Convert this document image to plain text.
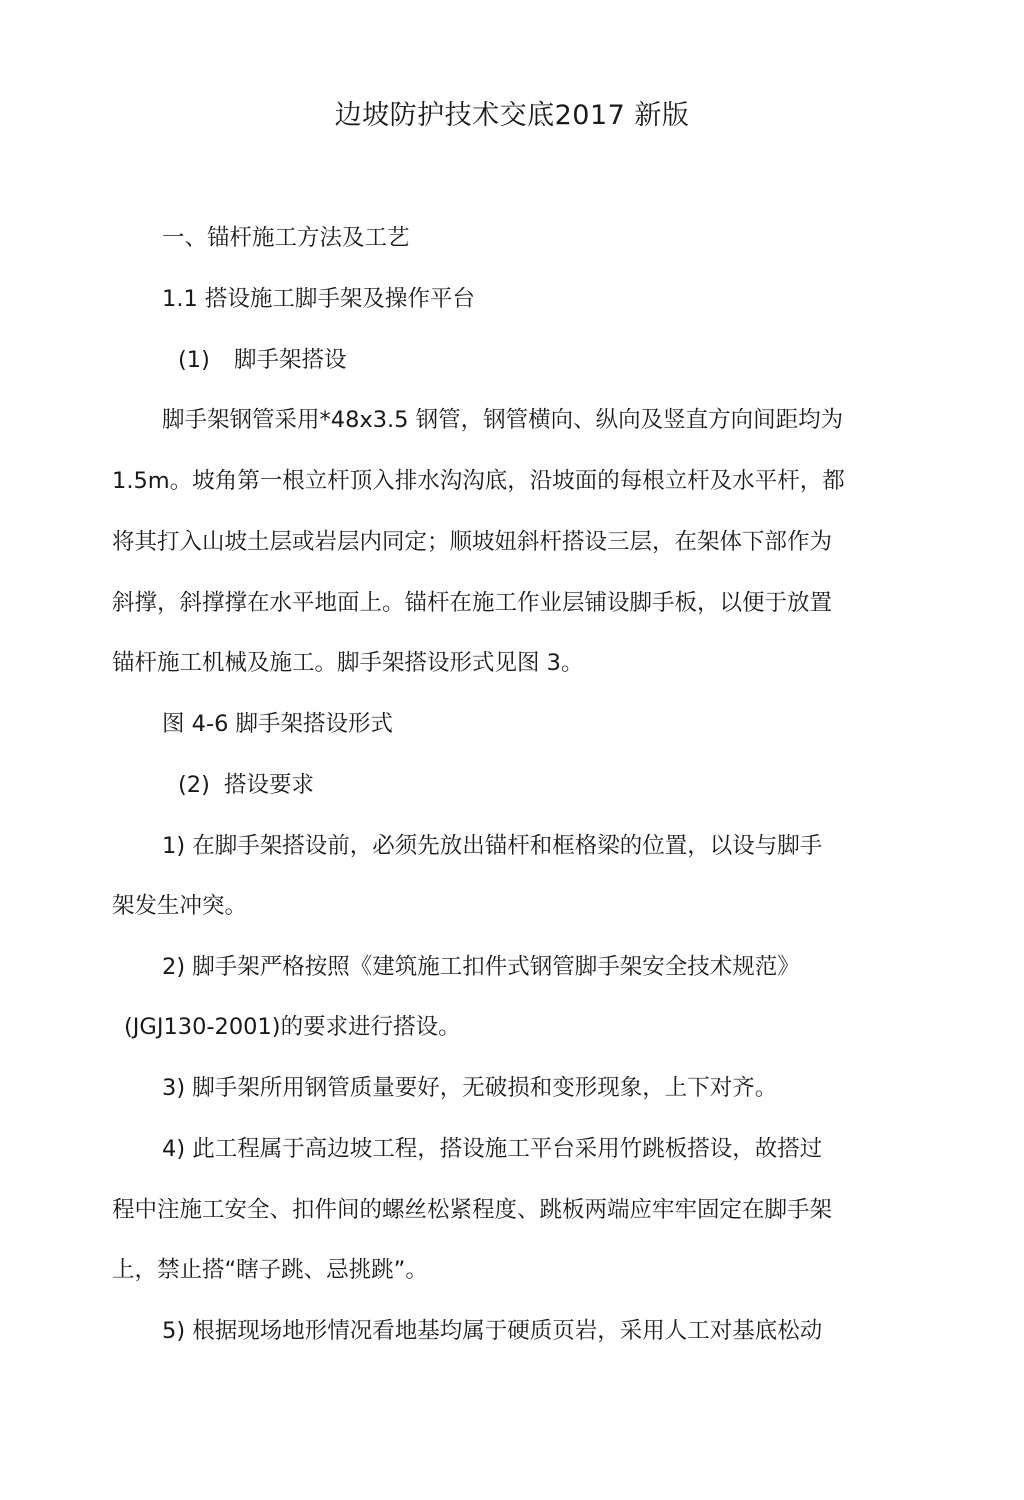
边坡防护技术交底2017 新版
一、锚杆施工方法及工艺
1.1 搭设施工脚手架及操作平台
(1) 脚手架搭设
脚手架钢管采用*48x3.5 钢管，钢管横向、纵向及竖直方向间距均为
1.5m。坡角第一根立杆顶入排水沟沟底，沿坡面的每根立杆及水平杆，都
将其打入山坡土层或岩层内同定；顺坡妞斜杆搭设三层，在架体下部作为
斜撑，斜撑撑在水平地面上。锚杆在施工作业层铺设脚手板，以便于放置
锚杆施工机械及施工。脚手架搭设形式见图 3。
图 4-6 脚手架搭设形式
(2) 搭设要求
1) 在脚手架搭设前，必须先放出锚杆和框格梁的位置，以设与脚手
架发生冲突。
2) 脚手架严格按照《建筑施工扣件式钢管脚手架安全技术规范》
(JGJ130-2001)的要求进行搭设。
3) 脚手架所用钢管质量要好，无破损和变形现象，上下对齐。
4) 此工程属于高边坡工程，搭设施工平台采用竹跳板搭设，故搭过
程中注施工安全、扣件间的螺丝松紧程度、跳板两端应牢牢固定在脚手架
上，禁止搭“瞎子跳、忌挑跳”。
5) 根据现场地形情况看地基均属于硬质页岩，采用人工对基底松动
